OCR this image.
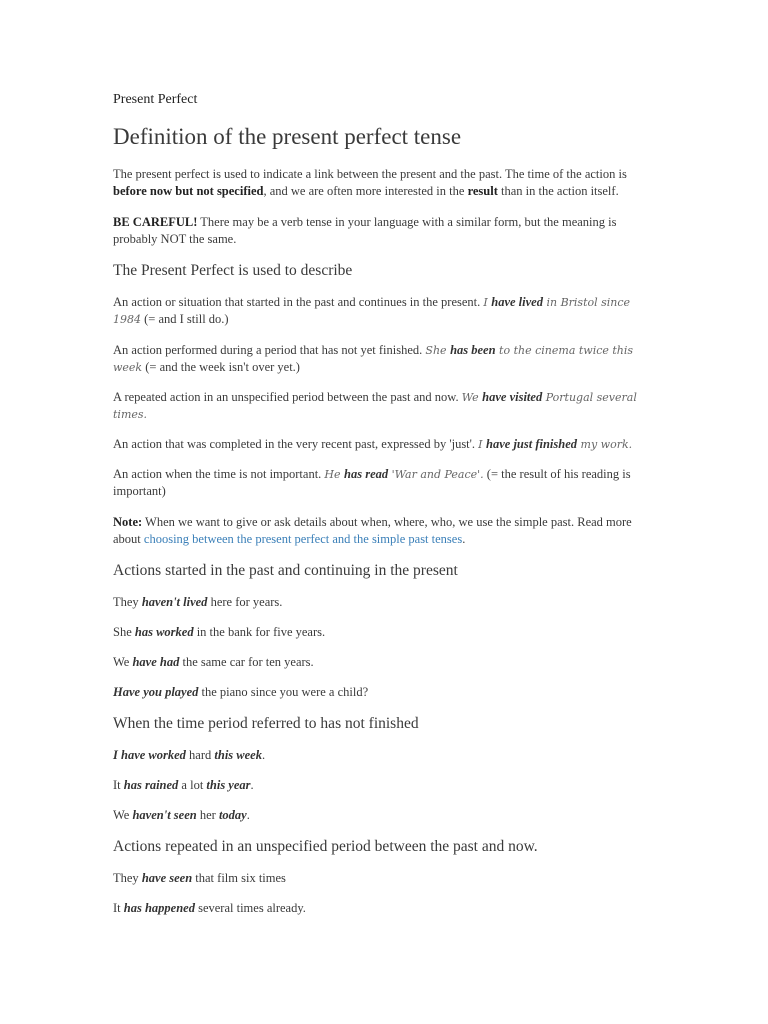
Present Perfect
Definition of the present perfect tense

The present perfect is used to indicate a link between the present and the past. The time of the action is before now but not specified, and we are often more interested in the result than in the action itself.

BE CAREFUL! There may be a verb tense in your language with a similar form, but the meaning is probably NOT the same.

The Present Perfect is used to describe

An action or situation that started in the past and continues in the present. I have lived in Bristol since 1984 (= and I still do.)

An action performed during a period that has not yet finished. She has been to the cinema twice this week (= and the week isn't over yet.)

A repeated action in an unspecified period between the past and now. We have visited Portugal several times.

An action that was completed in the very recent past, expressed by 'just'. I have just finished my work.

An action when the time is not important. He has read 'War and Peace'. (= the result of his reading is important)

Note: When we want to give or ask details about when, where, who, we use the simple past. Read more about choosing between the present perfect and the simple past tenses.

Actions started in the past and continuing in the present

They haven't lived here for years.

She has worked in the bank for five years.

We have had the same car for ten years.

Have you played the piano since you were a child?

When the time period referred to has not finished

I have worked hard this week.

It has rained a lot this year.

We haven't seen her today.

Actions repeated in an unspecified period between the past and now.

They have seen that film six times

It has happened several times already.
